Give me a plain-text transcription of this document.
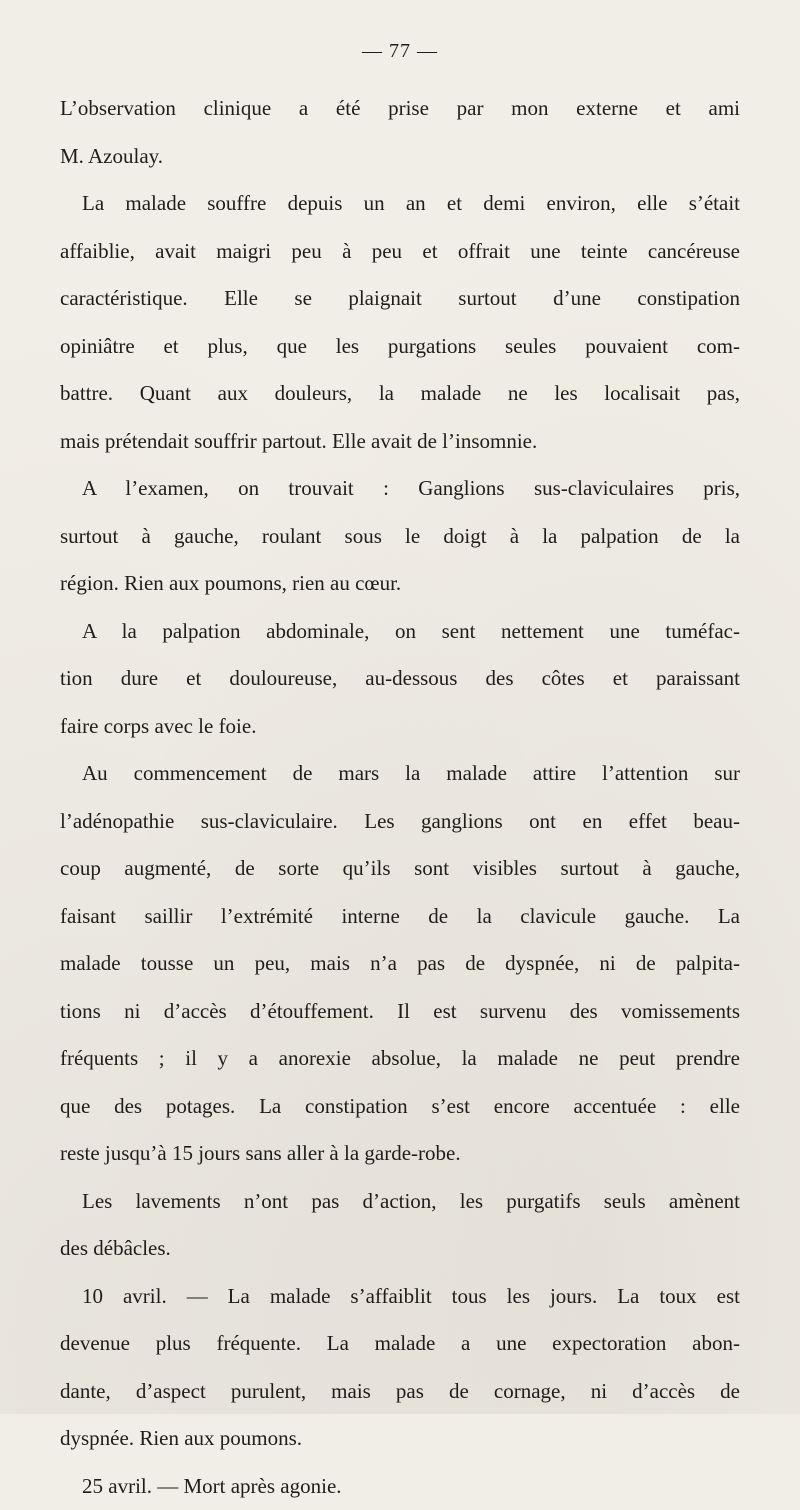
— 77 —

L’observation clinique a été prise par mon externe et ami
M. Azoulay.
La malade souffre depuis un an et demi environ, elle s’était
affaiblie, avait maigri peu à peu et offrait une teinte cancéreuse
caractéristique. Elle se plaignait surtout d’une constipation
opiniâtre et plus, que les purgations seules pouvaient com-
battre. Quant aux douleurs, la malade ne les localisait pas,
mais prétendait souffrir partout. Elle avait de l’insomnie.
A l’examen, on trouvait : Ganglions sus-claviculaires pris,
surtout à gauche, roulant sous le doigt à la palpation de la
région. Rien aux poumons, rien au cœur.
A la palpation abdominale, on sent nettement une tuméfac-
tion dure et douloureuse, au-dessous des côtes et paraissant
faire corps avec le foie.
Au commencement de mars la malade attire l’attention sur
l’adénopathie sus-claviculaire. Les ganglions ont en effet beau-
coup augmenté, de sorte qu’ils sont visibles surtout à gauche,
faisant saillir l’extrémité interne de la clavicule gauche. La
malade tousse un peu, mais n’a pas de dyspnée, ni de palpita-
tions ni d’accès d’étouffement. Il est survenu des vomissements
fréquents ; il y a anorexie absolue, la malade ne peut prendre
que des potages. La constipation s’est encore accentuée : elle
reste jusqu’à 15 jours sans aller à la garde-robe.
Les lavements n’ont pas d’action, les purgatifs seuls amènent
des débâcles.
10 avril. — La malade s’affaiblit tous les jours. La toux est
devenue plus fréquente. La malade a une expectoration abon-
dante, d’aspect purulent, mais pas de cornage, ni d’accès de
dyspnée. Rien aux poumons.
25 avril. — Mort après agonie.
